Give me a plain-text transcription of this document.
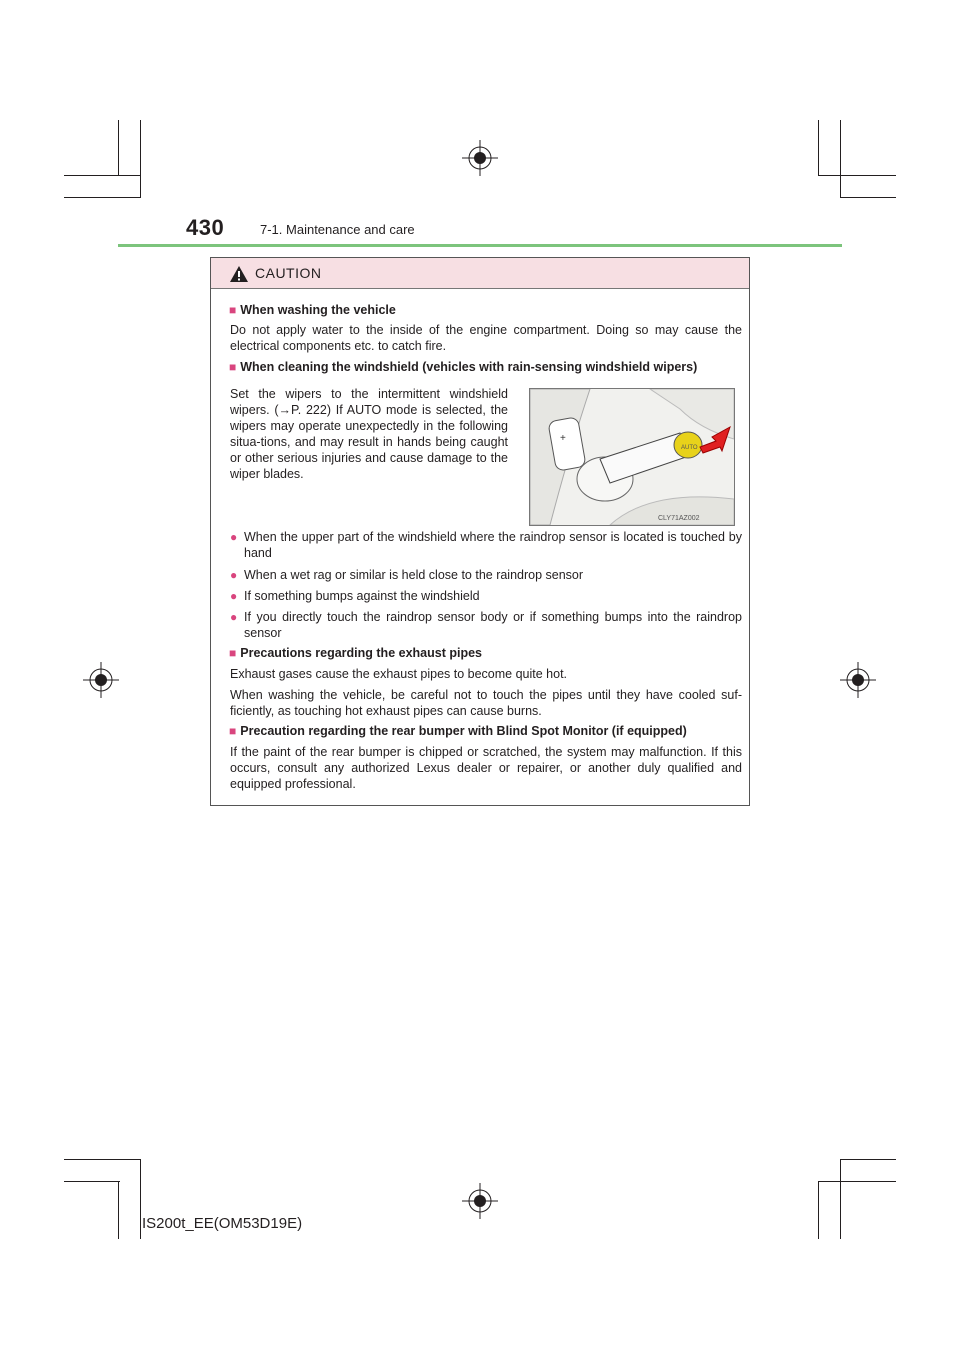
430	7-1. Maintenance and care
CAUTION
■ When washing the vehicle
Do not apply water to the inside of the engine compartment. Doing so may cause the electrical components etc. to catch fire.
■ When cleaning the windshield (vehicles with rain-sensing windshield wipers)
Set the wipers to the intermittent windshield wipers. (→P. 222) If AUTO mode is selected, the wipers may operate unexpectedly in the following situa-tions, and may result in hands being caught or other serious injuries and cause damage to the wiper blades.
+
AUTO
CLY71AZ002
● When the upper part of the windshield where the raindrop sensor is located is touched by hand
● When a wet rag or similar is held close to the raindrop sensor
● If something bumps against the windshield
● If you directly touch the raindrop sensor body or if something bumps into the raindrop sensor
■ Precautions regarding the exhaust pipes
Exhaust gases cause the exhaust pipes to become quite hot.
When washing the vehicle, be careful not to touch the pipes until they have cooled suf-ficiently, as touching hot exhaust pipes can cause burns.
■ Precaution regarding the rear bumper with Blind Spot Monitor (if equipped)
If the paint of the rear bumper is chipped or scratched, the system may malfunction. If this occurs, consult any authorized Lexus dealer or repairer, or another duly qualified and equipped professional.
IS200t_EE(OM53D19E)
